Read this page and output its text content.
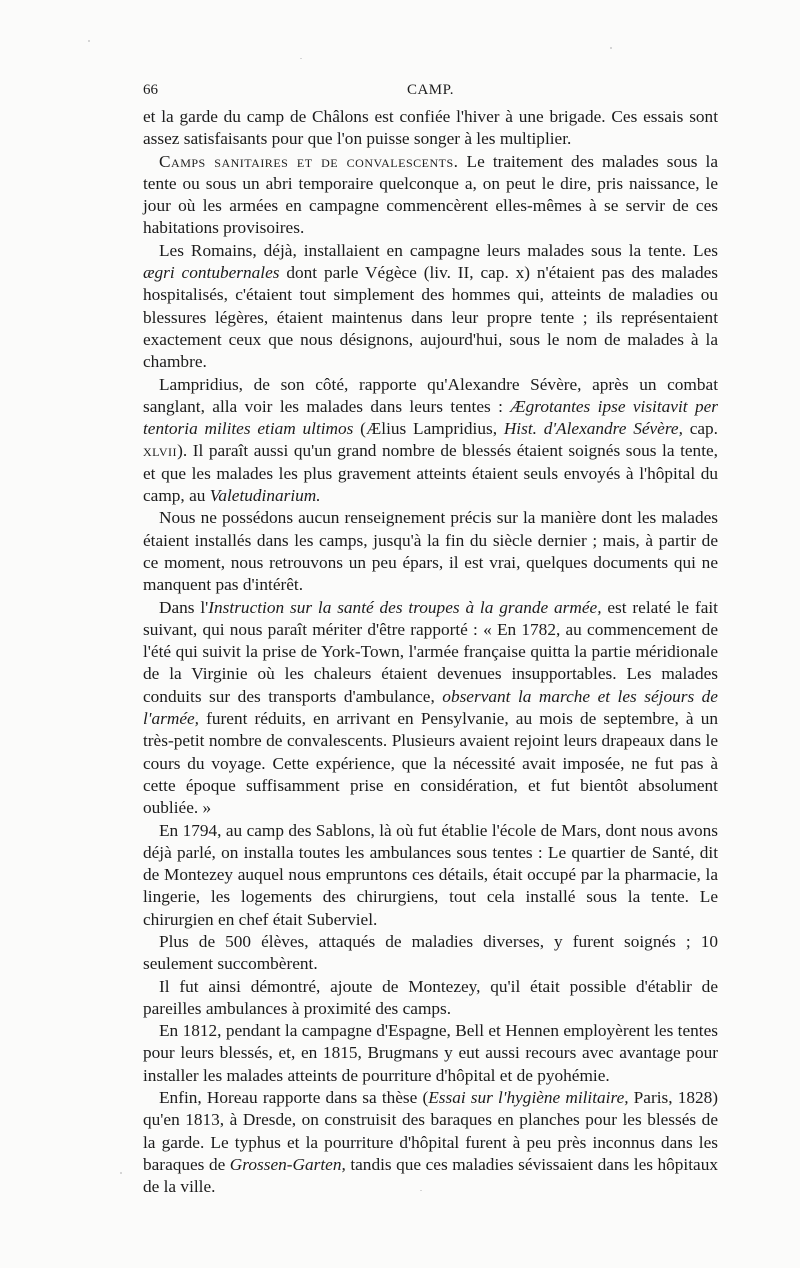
66	CAMP.

et la garde du camp de Châlons est confiée l'hiver à une brigade. Ces essais sont assez satisfaisants pour que l'on puisse songer à les multiplier.

Camps sanitaires et de convalescents. Le traitement des malades sous la tente ou sous un abri temporaire quelconque a, on peut le dire, pris naissance, le jour où les armées en campagne commencèrent elles-mêmes à se servir de ces habitations provisoires.

Les Romains, déjà, installaient en campagne leurs malades sous la tente. Les ægri contubernales dont parle Végèce (liv. II, cap. x) n'étaient pas des malades hospitalisés, c'étaient tout simplement des hommes qui, atteints de maladies ou blessures légères, étaient maintenus dans leur propre tente ; ils représentaient exactement ceux que nous désignons, aujourd'hui, sous le nom de malades à la chambre.

Lampridius, de son côté, rapporte qu'Alexandre Sévère, après un combat sanglant, alla voir les malades dans leurs tentes : Ægrotantes ipse visitavit per tentoria milites etiam ultimos (Ælius Lampridius, Hist. d'Alexandre Sévère, cap. xlvii). Il paraît aussi qu'un grand nombre de blessés étaient soignés sous la tente, et que les malades les plus gravement atteints étaient seuls envoyés à l'hôpital du camp, au Valetudinarium.

Nous ne possédons aucun renseignement précis sur la manière dont les malades étaient installés dans les camps, jusqu'à la fin du siècle dernier ; mais, à partir de ce moment, nous retrouvons un peu épars, il est vrai, quelques documents qui ne manquent pas d'intérêt.

Dans l'Instruction sur la santé des troupes à la grande armée, est relaté le fait suivant, qui nous paraît mériter d'être rapporté : « En 1782, au commencement de l'été qui suivit la prise de York-Town, l'armée française quitta la partie méridionale de la Virginie où les chaleurs étaient devenues insupportables. Les malades conduits sur des transports d'ambulance, observant la marche et les séjours de l'armée, furent réduits, en arrivant en Pensylvanie, au mois de septembre, à un très-petit nombre de convalescents. Plusieurs avaient rejoint leurs drapeaux dans le cours du voyage. Cette expérience, que la nécessité avait imposée, ne fut pas à cette époque suffisamment prise en considération, et fut bientôt absolument oubliée. »

En 1794, au camp des Sablons, là où fut établie l'école de Mars, dont nous avons déjà parlé, on installa toutes les ambulances sous tentes : Le quartier de Santé, dit de Montezey auquel nous empruntons ces détails, était occupé par la pharmacie, la lingerie, les logements des chirurgiens, tout cela installé sous la tente. Le chirurgien en chef était Suberviel.

Plus de 500 élèves, attaqués de maladies diverses, y furent soignés ; 10 seulement succombèrent.

Il fut ainsi démontré, ajoute de Montezey, qu'il était possible d'établir de pareilles ambulances à proximité des camps.

En 1812, pendant la campagne d'Espagne, Bell et Hennen employèrent les tentes pour leurs blessés, et, en 1815, Brugmans y eut aussi recours avec avantage pour installer les malades atteints de pourriture d'hôpital et de pyohémie.

Enfin, Horeau rapporte dans sa thèse (Essai sur l'hygiène militaire, Paris, 1828) qu'en 1813, à Dresde, on construisit des baraques en planches pour les blessés de la garde. Le typhus et la pourriture d'hôpital furent à peu près inconnus dans les baraques de Grossen-Garten, tandis que ces maladies sévissaient dans les hôpitaux de la ville.
